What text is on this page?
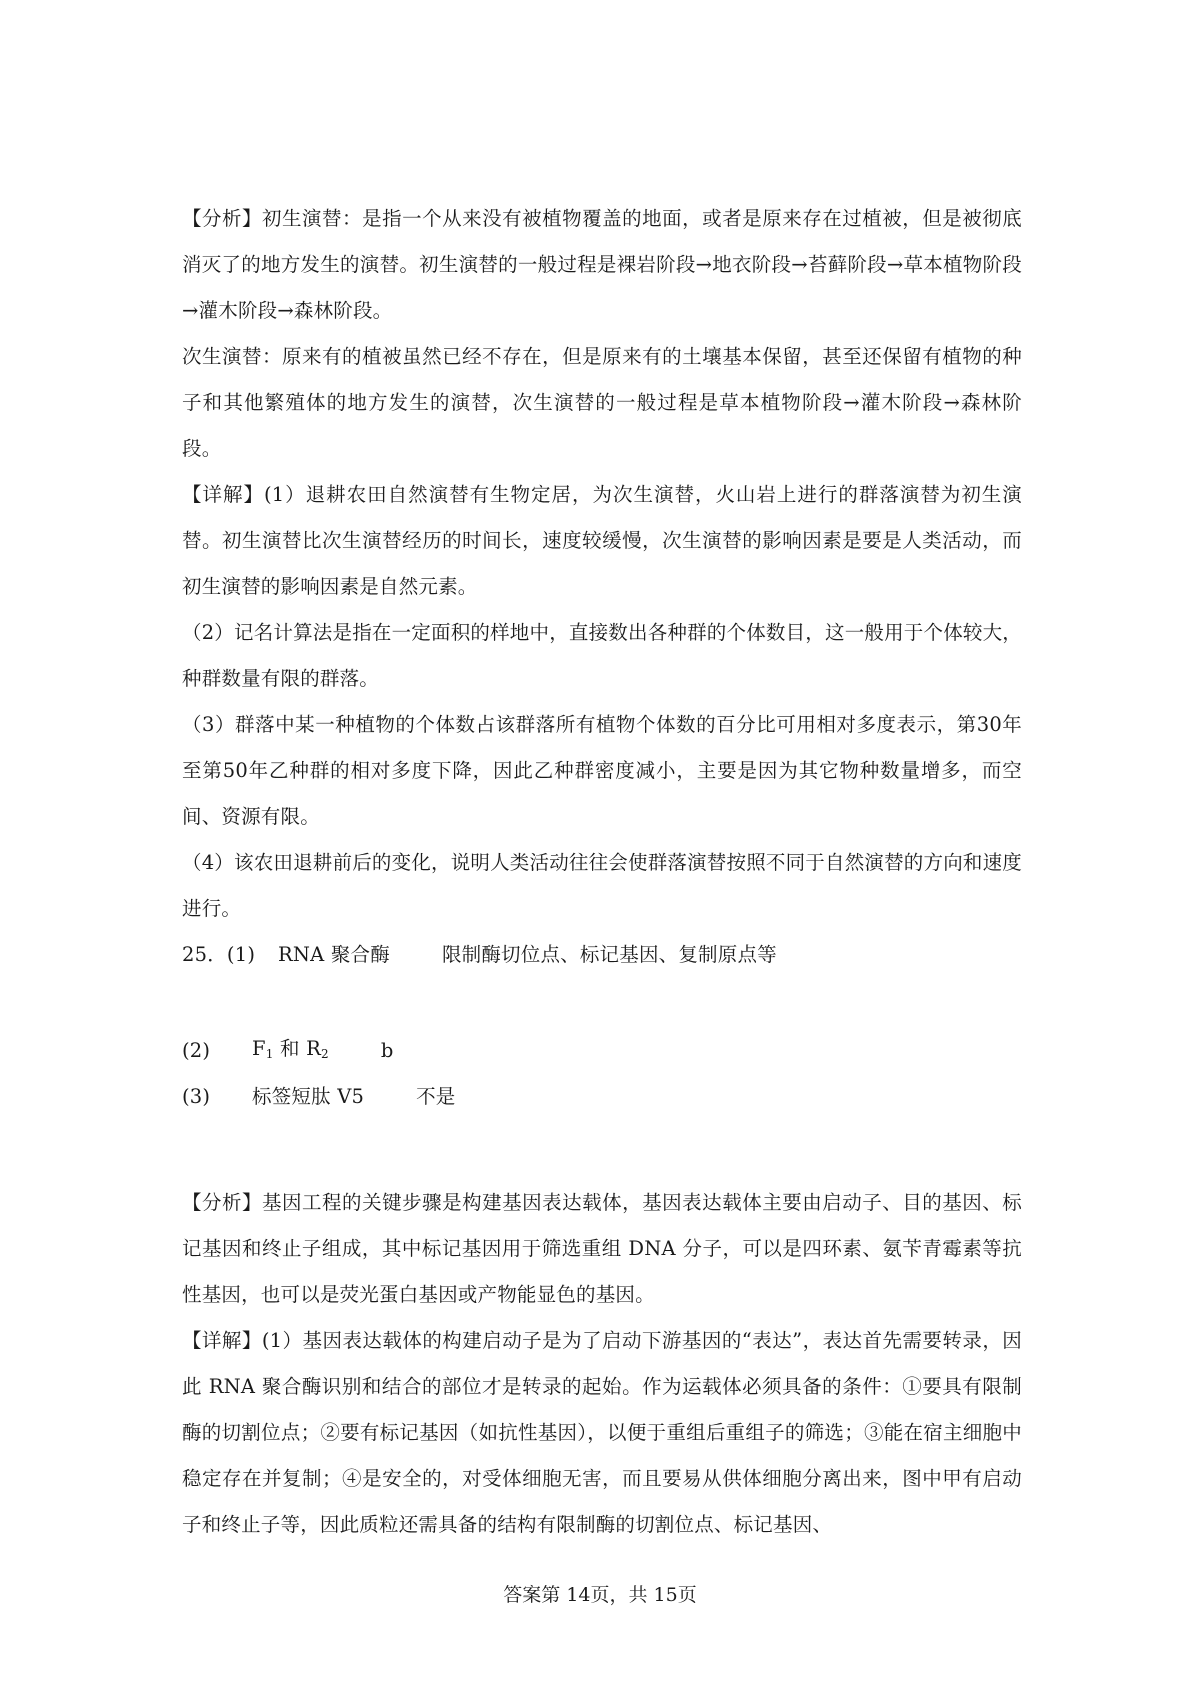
【分析】初生演替：是指一个从来没有被植物覆盖的地面，或者是原来存在过植被，但是被彻底消灭了的地方发生的演替。初生演替的一般过程是裸岩阶段→地衣阶段→苔藓阶段→草本植物阶段→灌木阶段→森林阶段。

次生演替：原来有的植被虽然已经不存在，但是原来有的土壤基本保留，甚至还保留有植物的种子和其他繁殖体的地方发生的演替，次生演替的一般过程是草本植物阶段→灌木阶段→森林阶段。

【详解】(1）退耕农田自然演替有生物定居，为次生演替，火山岩上进行的群落演替为初生演替。初生演替比次生演替经历的时间长，速度较缓慢，次生演替的影响因素是要是人类活动，而初生演替的影响因素是自然元素。

（2）记名计算法是指在一定面积的样地中，直接数出各种群的个体数目，这一般用于个体较大，种群数量有限的群落。

（3）群落中某一种植物的个体数占该群落所有植物个体数的百分比可用相对多度表示，第30年至第50年乙种群的相对多度下降，因此乙种群密度减小，主要是因为其它物种数量增多，而空间、资源有限。

（4）该农田退耕前后的变化，说明人类活动往往会使群落演替按照不同于自然演替的方向和速度进行。

25．(1)	RNA 聚合酶	限制酶切位点、标记基因、复制原点等
(2)	$F_1$ 和 $R_2$	b
(3)	标签短肽 V5	不是

【分析】基因工程的关键步骤是构建基因表达载体，基因表达载体主要由启动子、目的基因、标记基因和终止子组成，其中标记基因用于筛选重组 DNA 分子，可以是四环素、氨苄青霉素等抗性基因，也可以是荧光蛋白基因或产物能显色的基因。

【详解】(1）基因表达载体的构建启动子是为了启动下游基因的“表达”，表达首先需要转录，因此 RNA 聚合酶识别和结合的部位才是转录的起始。作为运载体必须具备的条件：①要具有限制酶的切割位点；②要有标记基因（如抗性基因），以便于重组后重组子的筛选；③能在宿主细胞中稳定存在并复制；④是安全的，对受体细胞无害，而且要易从供体细胞分离出来，图中甲有启动子和终止子等，因此质粒还需具备的结构有限制酶的切割位点、标记基因、

答案第 14页，共 15页
